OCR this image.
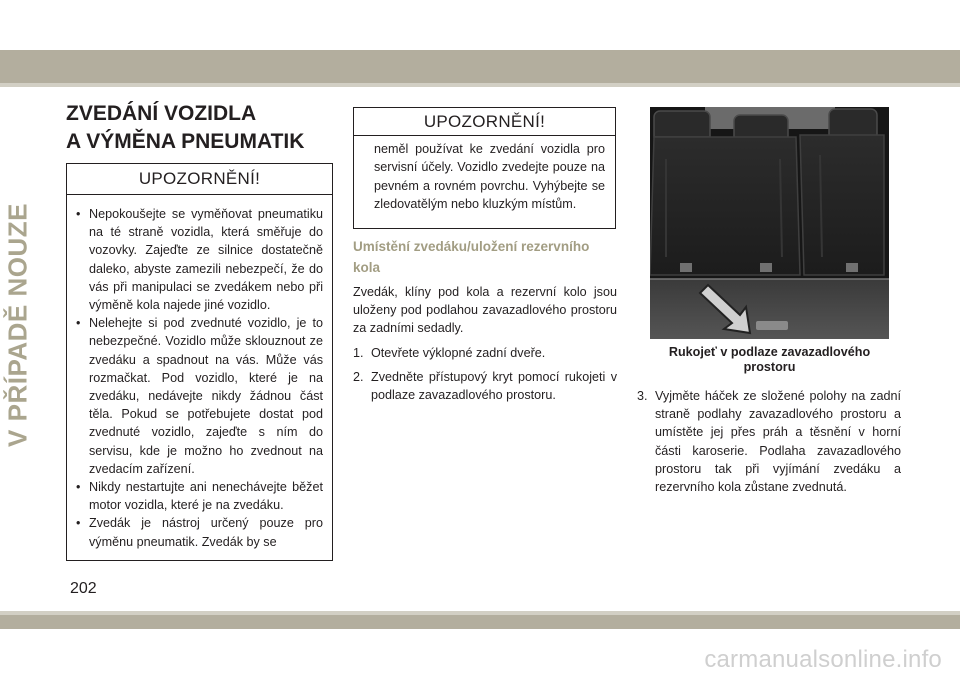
V PŘÍPADĚ NOUZE
ZVEDÁNÍ VOZIDLA
A VÝMĚNA PNEUMATIK
UPOZORNĚNÍ!
• Nepokoušejte se vyměňovat pneumatiku na té straně vozidla, která směřuje do vozovky. Zajeďte ze silnice dostatečně daleko, abyste zamezili nebezpečí, že do vás při manipulaci se zvedákem nebo při výměně kola najede jiné vozidlo.
• Nelehejte si pod zvednuté vozidlo, je to nebezpečné. Vozidlo může sklouznout ze zvedáku a spadnout na vás. Může vás rozmačkat. Pod vozidlo, které je na zvedáku, nedávejte nikdy žádnou část těla. Pokud se potřebujete dostat pod zvednuté vozidlo, zajeďte s ním do servisu, kde je možno ho zvednout na zvedacím zařízení.
• Nikdy nestartujte ani nenechávejte běžet motor vozidla, které je na zvedáku.
• Zvedák je nástroj určený pouze pro výměnu pneumatik. Zvedák by se
UPOZORNĚNÍ!

neměl používat ke zvedání vozidla pro servisní účely. Vozidlo zvedejte pouze na pevném a rovném povrchu. Vyhýbejte se zledovatělým nebo kluzkým místům.

Umístění zvedáku/uložení rezervního kola

Zvedák, klíny pod kola a rezervní kolo jsou uloženy pod podlahou zavazadlového prostoru za zadními sedadly.

1. Otevřete výklopné zadní dveře.
2. Zvedněte přístupový kryt pomocí rukojeti v podlaze zavazadlového prostoru.	3. Vyjměte háček ze složené polohy na zadní straně podlahy zavazadlového prostoru a umístěte jej přes práh a těsnění v horní části karoserie. Podlaha zavazadlového prostoru tak při vyjímání zvedáku a rezervního kola zůstane zvednutá.
Rukojeť v podlaze zavazadlového prostoru
202
carmanualsonline.info
